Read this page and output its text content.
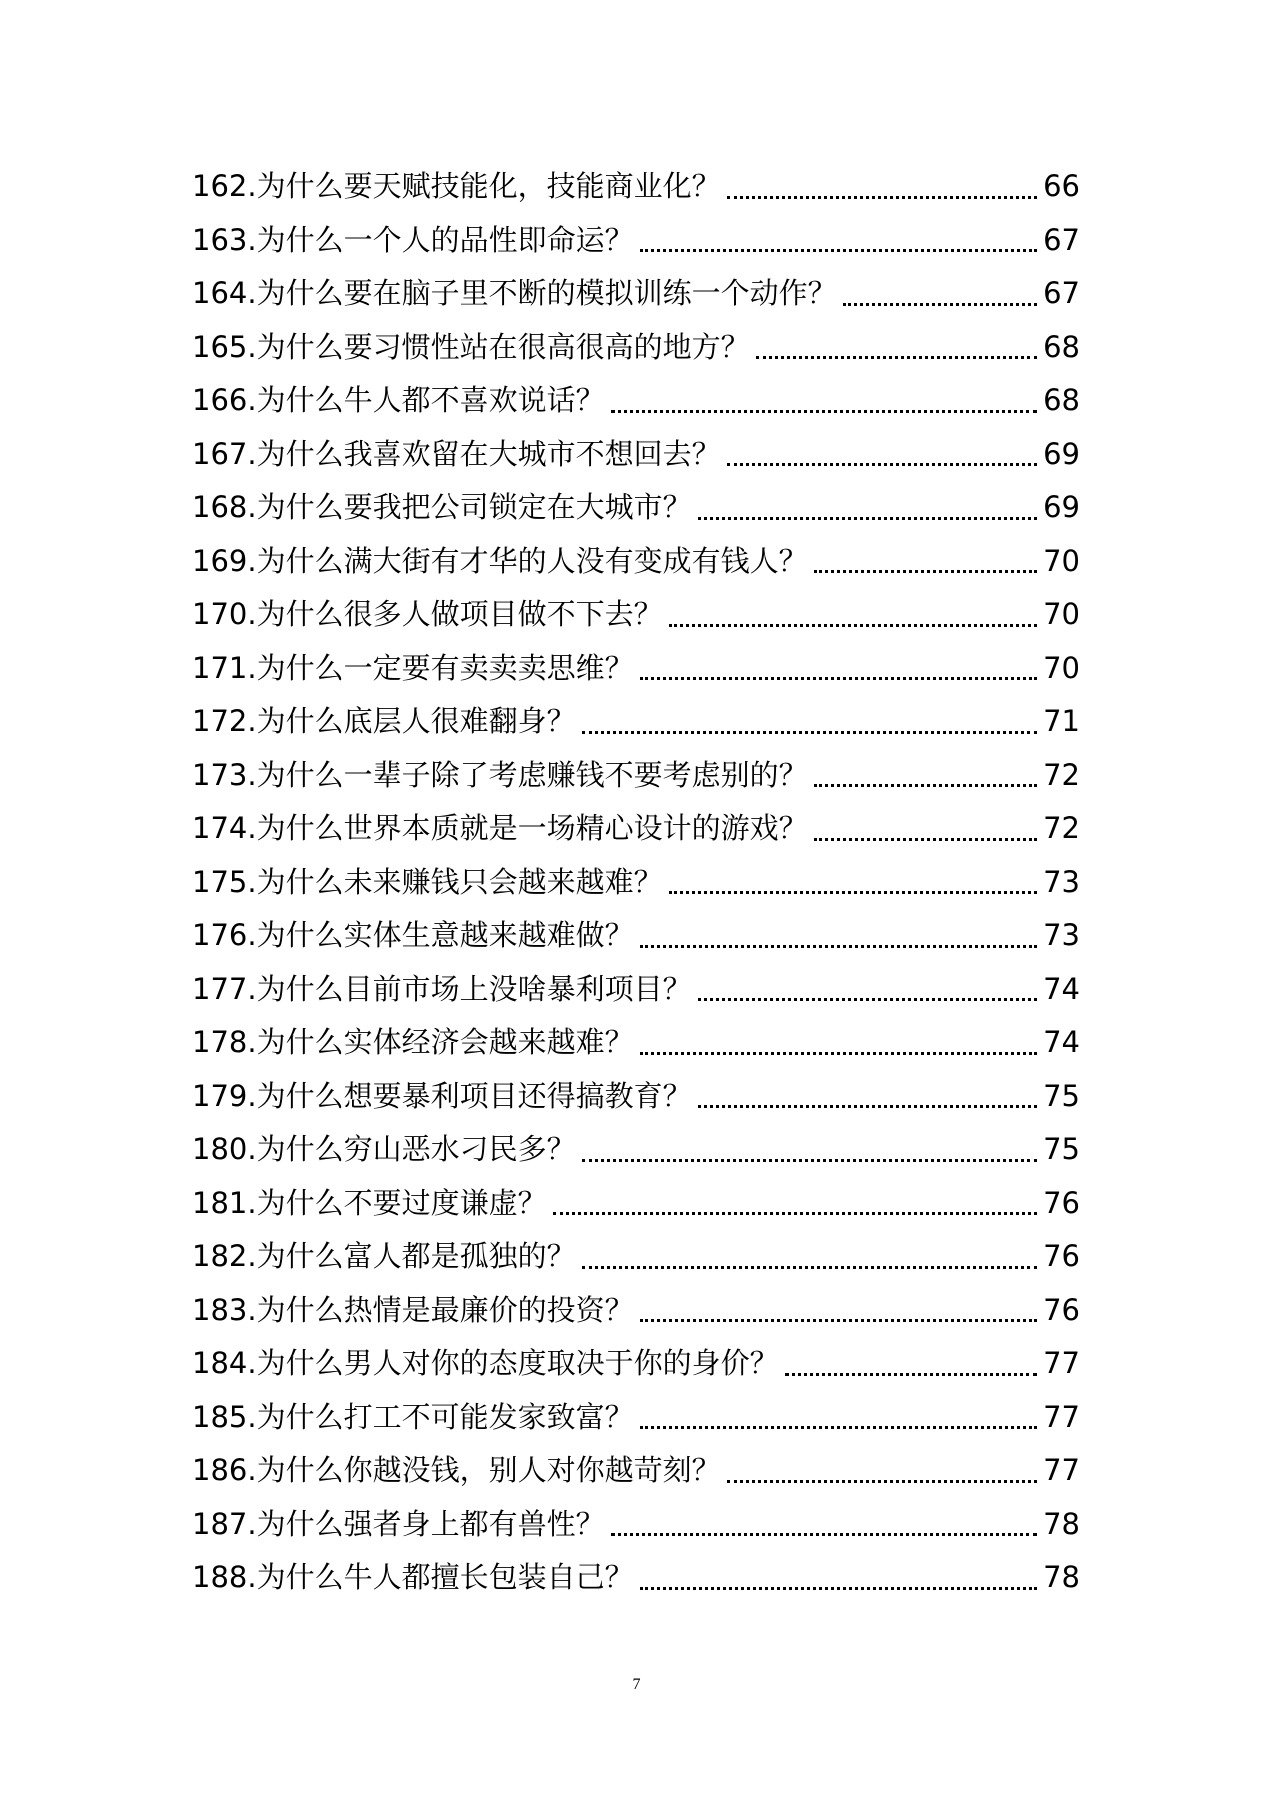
162.为什么要天赋技能化，技能商业化？	66
163.为什么一个人的品性即命运？	67
164.为什么要在脑子里不断的模拟训练一个动作？	67
165.为什么要习惯性站在很高很高的地方？	68
166.为什么牛人都不喜欢说话？	68
167.为什么我喜欢留在大城市不想回去？	69
168.为什么要我把公司锁定在大城市？	69
169.为什么满大街有才华的人没有变成有钱人？	70
170.为什么很多人做项目做不下去？	70
171.为什么一定要有卖卖卖思维？	70
172.为什么底层人很难翻身？	71
173.为什么一辈子除了考虑赚钱不要考虑别的？	72
174.为什么世界本质就是一场精心设计的游戏？	72
175.为什么未来赚钱只会越来越难？	73
176.为什么实体生意越来越难做？	73
177.为什么目前市场上没啥暴利项目？	74
178.为什么实体经济会越来越难？	74
179.为什么想要暴利项目还得搞教育？	75
180.为什么穷山恶水刁民多？	75
181.为什么不要过度谦虚？	76
182.为什么富人都是孤独的？	76
183.为什么热情是最廉价的投资？	76
184.为什么男人对你的态度取决于你的身价？	77
185.为什么打工不可能发家致富？	77
186.为什么你越没钱，别人对你越苛刻？	77
187.为什么强者身上都有兽性？	78
188.为什么牛人都擅长包装自己？	78
7
